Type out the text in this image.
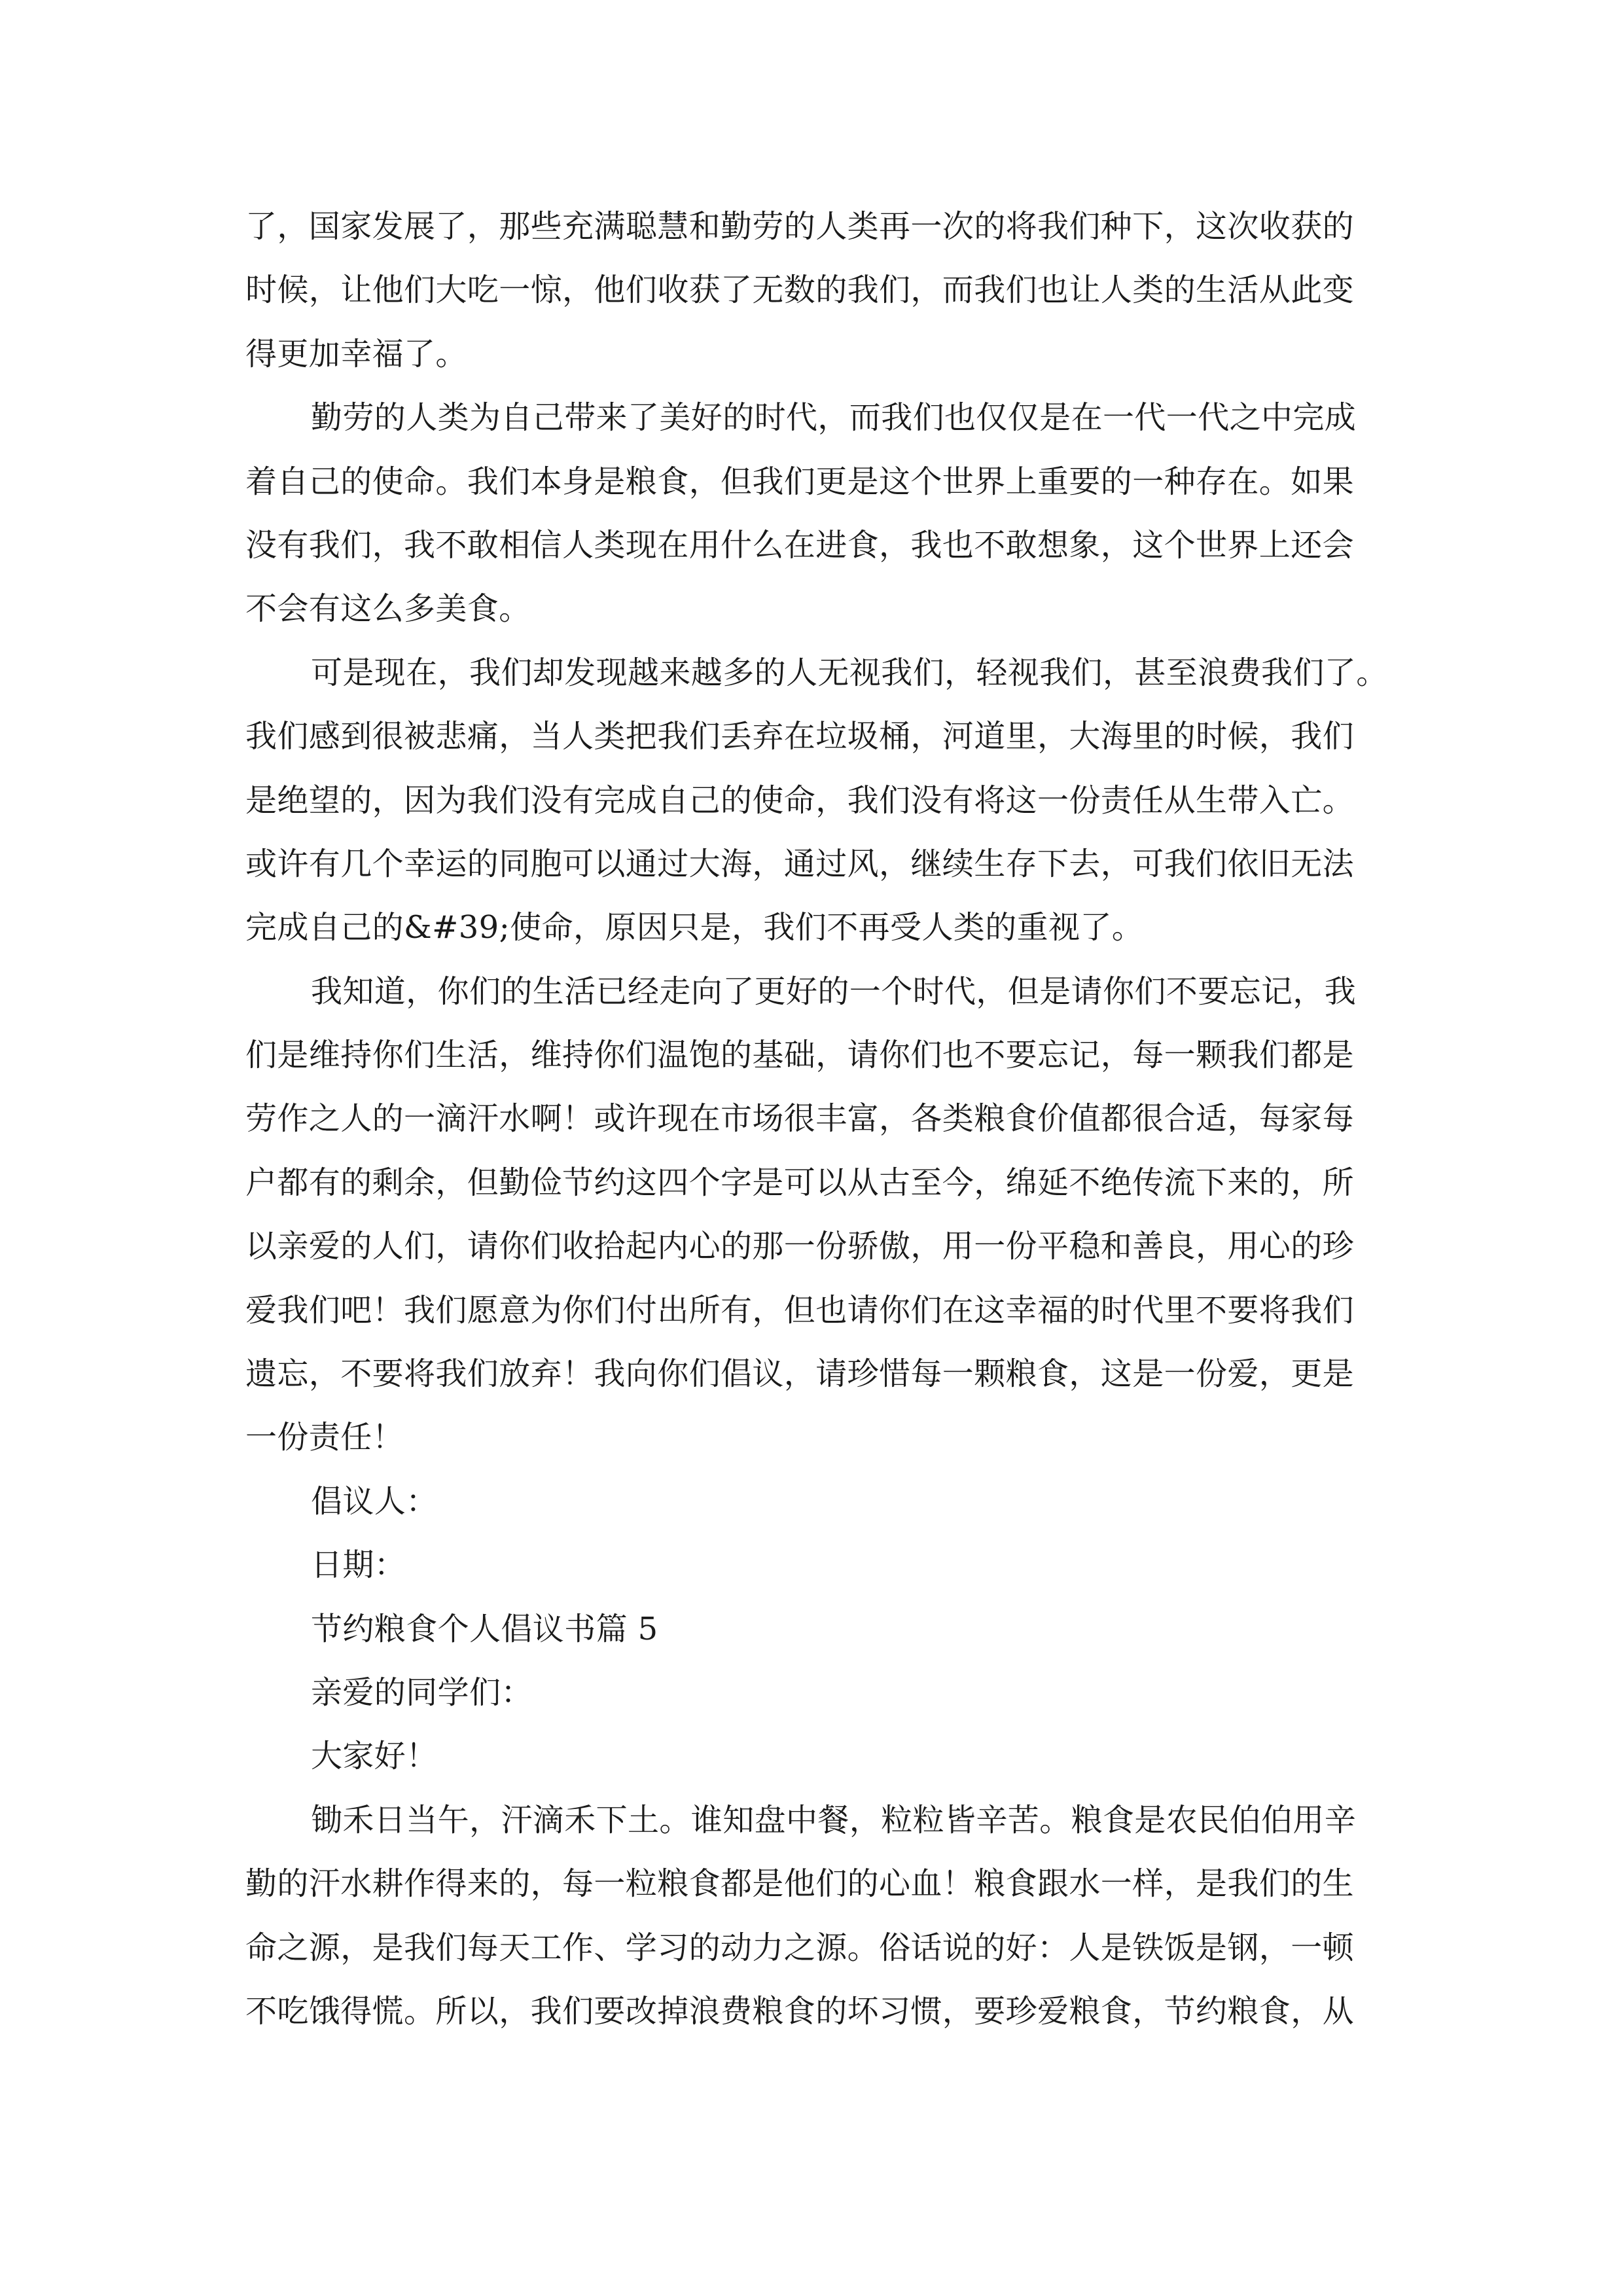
了，国家发展了，那些充满聪慧和勤劳的人类再一次的将我们种下，这次收获的
时候，让他们大吃一惊，他们收获了无数的我们，而我们也让人类的生活从此变
得更加幸福了。
勤劳的人类为自己带来了美好的时代，而我们也仅仅是在一代一代之中完成
着自己的使命。我们本身是粮食，但我们更是这个世界上重要的一种存在。如果
没有我们，我不敢相信人类现在用什么在进食，我也不敢想象，这个世界上还会
不会有这么多美食。
可是现在，我们却发现越来越多的人无视我们，轻视我们，甚至浪费我们了。
我们感到很被悲痛，当人类把我们丢弃在垃圾桶，河道里，大海里的时候，我们
是绝望的，因为我们没有完成自己的使命，我们没有将这一份责任从生带入亡。
或许有几个幸运的同胞可以通过大海，通过风，继续生存下去，可我们依旧无法
完成自己的&#39;使命，原因只是，我们不再受人类的重视了。
我知道，你们的生活已经走向了更好的一个时代，但是请你们不要忘记，我
们是维持你们生活，维持你们温饱的基础，请你们也不要忘记，每一颗我们都是
劳作之人的一滴汗水啊！或许现在市场很丰富，各类粮食价值都很合适，每家每
户都有的剩余，但勤俭节约这四个字是可以从古至今，绵延不绝传流下来的，所
以亲爱的人们，请你们收拾起内心的那一份骄傲，用一份平稳和善良，用心的珍
爱我们吧！我们愿意为你们付出所有，但也请你们在这幸福的时代里不要将我们
遗忘，不要将我们放弃！我向你们倡议，请珍惜每一颗粮食，这是一份爱，更是
一份责任！
倡议人：
日期：
节约粮食个人倡议书篇 5
亲爱的同学们：
大家好！
锄禾日当午，汗滴禾下土。谁知盘中餐，粒粒皆辛苦。粮食是农民伯伯用辛
勤的汗水耕作得来的，每一粒粮食都是他们的心血！粮食跟水一样，是我们的生
命之源，是我们每天工作、学习的动力之源。俗话说的好：人是铁饭是钢，一顿
不吃饿得慌。所以，我们要改掉浪费粮食的坏习惯，要珍爱粮食，节约粮食，从
